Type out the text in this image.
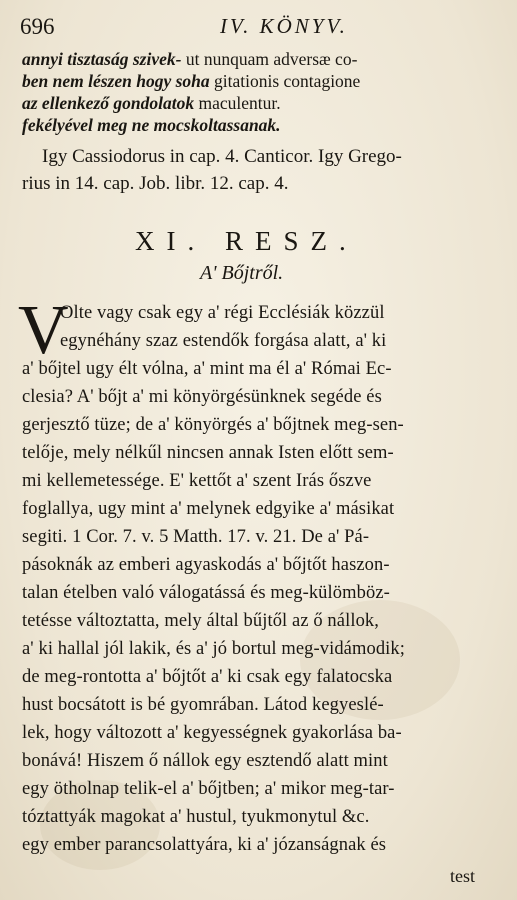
696	IV. KÖNYV.
annyi tisztaság szivek- ut nunquam adversæ co-
ben nem lészen hogy soha gitationis contagione
az ellenkező gondolatok maculentur.
fekélyével meg ne mocskoltassanak.
Igy Cassiodorus in cap. 4. Canticor. Igy Grego-
rius in 14. cap. Job. libr. 12. cap. 4.
XI. RESZ.
A' Bőjtről.
V
Olte vagy csak egy a' régi Ecclésiák közzül
egynéhány szaz estendők forgása alatt, a' ki
a' bőjtel ugy élt vólna, a' mint ma él a' Római Ec-
clesia? A' bőjt a' mi könyörgésünknek segéde és
gerjesztő tüze; de a' könyörgés a' bőjtnek meg-sen-
telője, mely nélkűl nincsen annak Isten előtt sem-
mi kellemetessége. E' kettőt a' szent Irás őszve
foglallya, ugy mint a' melynek edgyike a' másikat
segiti. 1 Cor. 7. v. 5 Matth. 17. v. 21. De a' Pá-
pásoknák az emberi agyaskodás a' bőjtőt haszon-
talan ételben való válogatássá és meg-külömböz-
tetésse változtatta, mely által bűjtől az ő nállok,
a' ki hallal jól lakik, és a' jó bortul meg-vidámodik;
de meg-rontotta a' bőjtőt a' ki csak egy falatocska
hust bocsátott is bé gyomrában. Látod kegyeslé-
lek, hogy változott a' kegyességnek gyakorlása ba-
bonává! Hiszem ő nállok egy esztendő alatt mint
egy ötholnap telik-el a' bőjtben; a' mikor meg-tar-
tóztattyák magokat a' hustul, tyukmonytul &c.
egy ember parancsolattyára, ki a' józanságnak és
test
